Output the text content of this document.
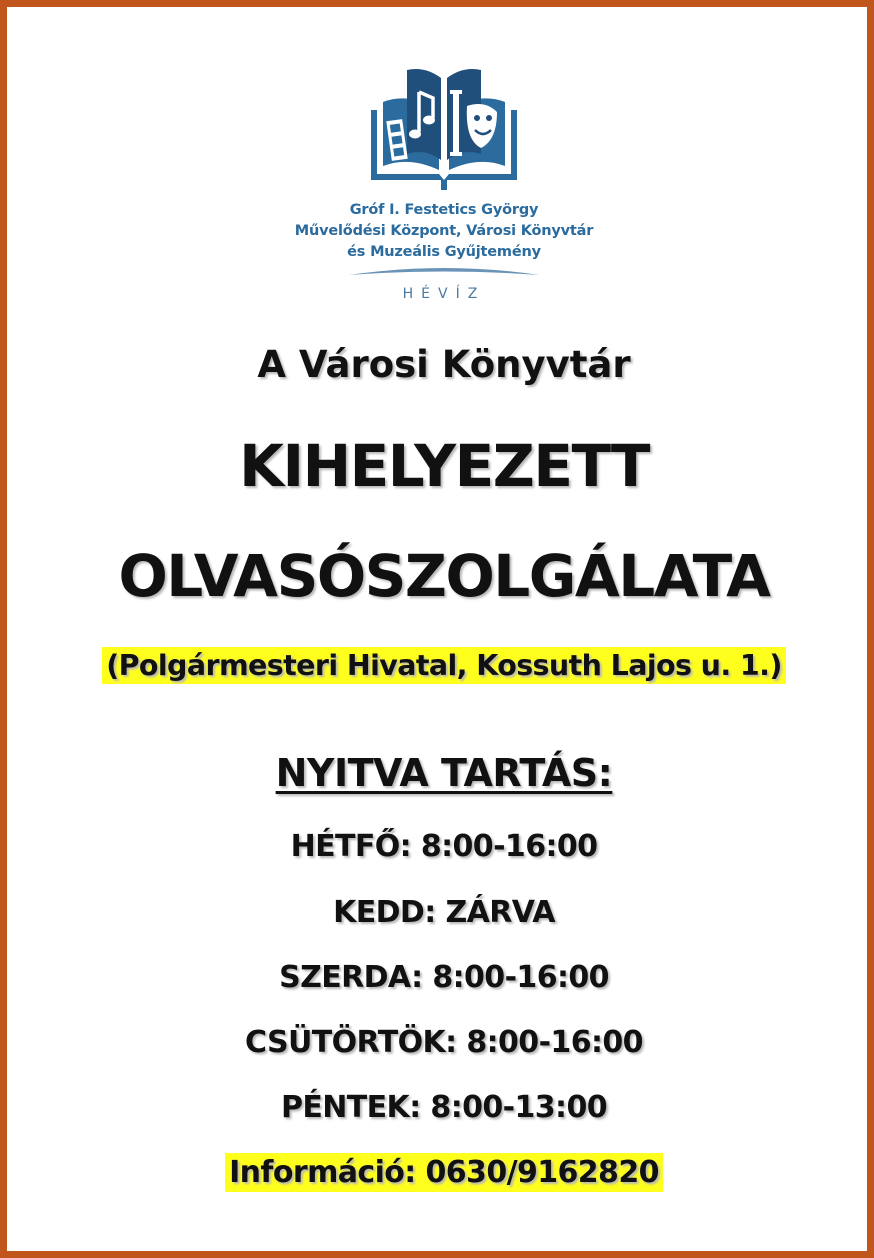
Gróf I. Festetics György
Művelődési Központ, Városi Könyvtár
és Muzeális Gyűjtemény
HÉVÍZ
A Városi Könyvtár
KIHELYEZETT
OLVASÓSZOLGÁLATA
(Polgármesteri Hivatal, Kossuth Lajos u. 1.)
NYITVA TARTÁS:
HÉTFŐ: 8:00-16:00
KEDD: ZÁRVA
SZERDA: 8:00-16:00
CSÜTÖRTÖK: 8:00-16:00
PÉNTEK: 8:00-13:00
Információ: 0630/9162820
